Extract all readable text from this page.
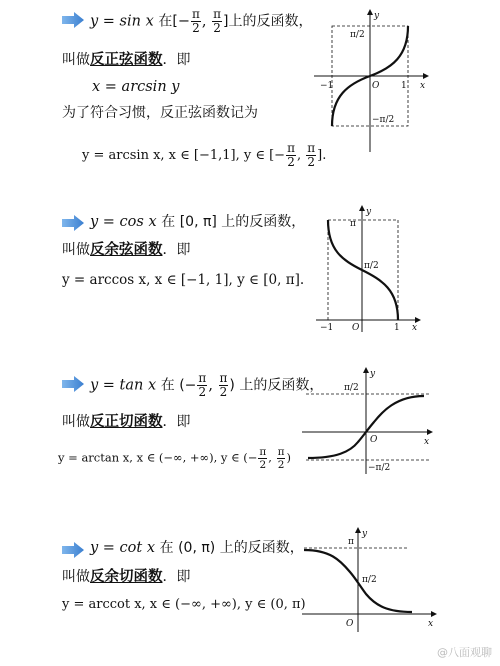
y = sin x 在[− $\frac{\pi}{2}$ , $\frac{\pi}{2}$ ]上的反函数，
叫做反正弦函数．即
x = arcsin y
为了符合习惯，反正弦函数记为
y = arcsin x, x ∈ [−1,1], y ∈ [− $\frac{\pi}{2}$ , $\frac{\pi}{2}$ ].
y
x
π/2
−π/2
−1	1
O
y = cos x 在 [0, π] 上的反函数，
叫做反余弦函数．即
y = arccos x, x ∈ [−1, 1], y ∈ [0, π].
y
x
π
π/2
−1	1
O
y = tan x 在 (− $\frac{\pi}{2}$ , $\frac{\pi}{2}$ ) 上的反函数，
叫做反正切函数．即
y = arctan x, x ∈ (−∞, +∞), y ∈ (− $\frac{\pi}{2}$ , $\frac{\pi}{2}$ )
y
x
π/2
−π/2
O
y = cot x 在 (0, π) 上的反函数，
叫做反余切函数．即
y = arccot x, x ∈ (−∞, +∞), y ∈ (0, π)
y
x
π
π/2
O
@八面观聊
